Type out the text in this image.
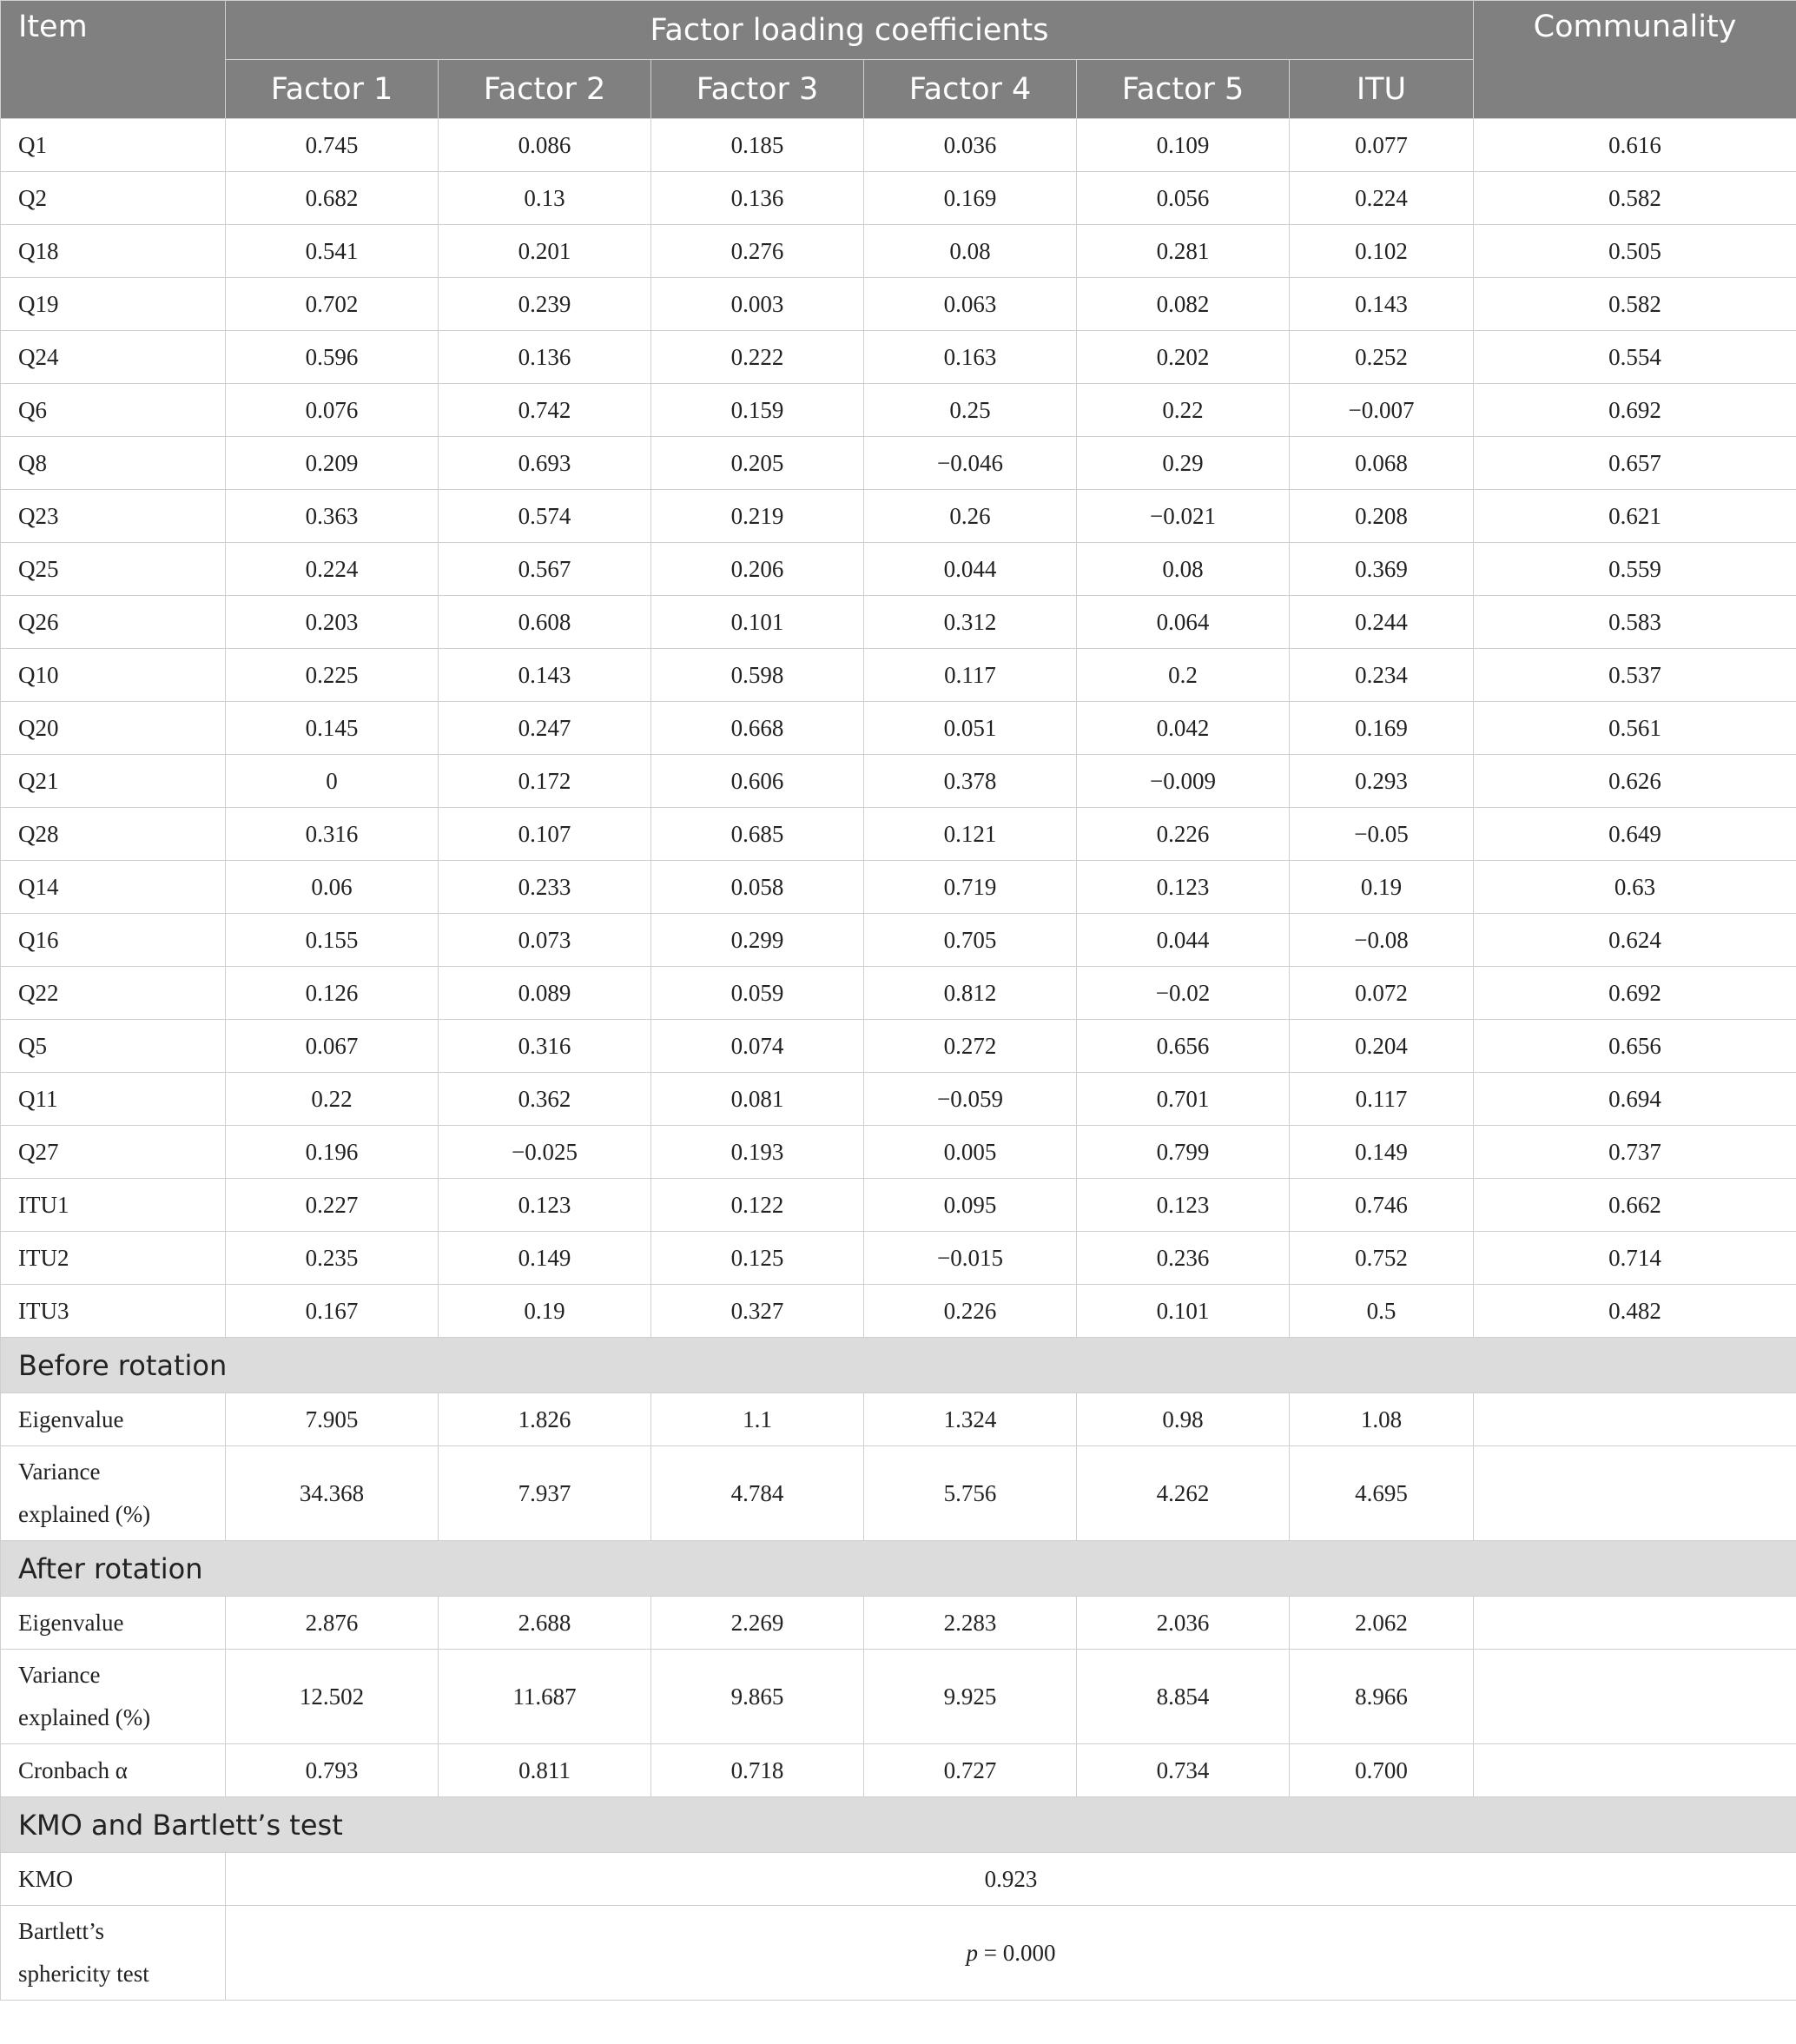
Item	Factor loading coefficients						Communality
	Factor 1	Factor 2	Factor 3	Factor 4	Factor 5	ITU	
Q1	0.745	0.086	0.185	0.036	0.109	0.077	0.616
Q2	0.682	0.13	0.136	0.169	0.056	0.224	0.582
Q18	0.541	0.201	0.276	0.08	0.281	0.102	0.505
Q19	0.702	0.239	0.003	0.063	0.082	0.143	0.582
Q24	0.596	0.136	0.222	0.163	0.202	0.252	0.554
Q6	0.076	0.742	0.159	0.25	0.22	−0.007	0.692
Q8	0.209	0.693	0.205	−0.046	0.29	0.068	0.657
Q23	0.363	0.574	0.219	0.26	−0.021	0.208	0.621
Q25	0.224	0.567	0.206	0.044	0.08	0.369	0.559
Q26	0.203	0.608	0.101	0.312	0.064	0.244	0.583
Q10	0.225	0.143	0.598	0.117	0.2	0.234	0.537
Q20	0.145	0.247	0.668	0.051	0.042	0.169	0.561
Q21	0	0.172	0.606	0.378	−0.009	0.293	0.626
Q28	0.316	0.107	0.685	0.121	0.226	−0.05	0.649
Q14	0.06	0.233	0.058	0.719	0.123	0.19	0.63
Q16	0.155	0.073	0.299	0.705	0.044	−0.08	0.624
Q22	0.126	0.089	0.059	0.812	−0.02	0.072	0.692
Q5	0.067	0.316	0.074	0.272	0.656	0.204	0.656
Q11	0.22	0.362	0.081	−0.059	0.701	0.117	0.694
Q27	0.196	−0.025	0.193	0.005	0.799	0.149	0.737
ITU1	0.227	0.123	0.122	0.095	0.123	0.746	0.662
ITU2	0.235	0.149	0.125	−0.015	0.236	0.752	0.714
ITU3	0.167	0.19	0.327	0.226	0.101	0.5	0.482
Before rotation							
Eigenvalue	7.905	1.826	1.1	1.324	0.98	1.08	
Variance
explained (%)	34.368	7.937	4.784	5.756	4.262	4.695	
After rotation							
Eigenvalue	2.876	2.688	2.269	2.283	2.036	2.062	
Variance
explained (%)	12.502	11.687	9.865	9.925	8.854	8.966	
Cronbach α	0.793	0.811	0.718	0.727	0.734	0.700	
KMO and Bartlett’s test							
KMO	0.923						
Bartlett’s
sphericity test	p = 0.000						
